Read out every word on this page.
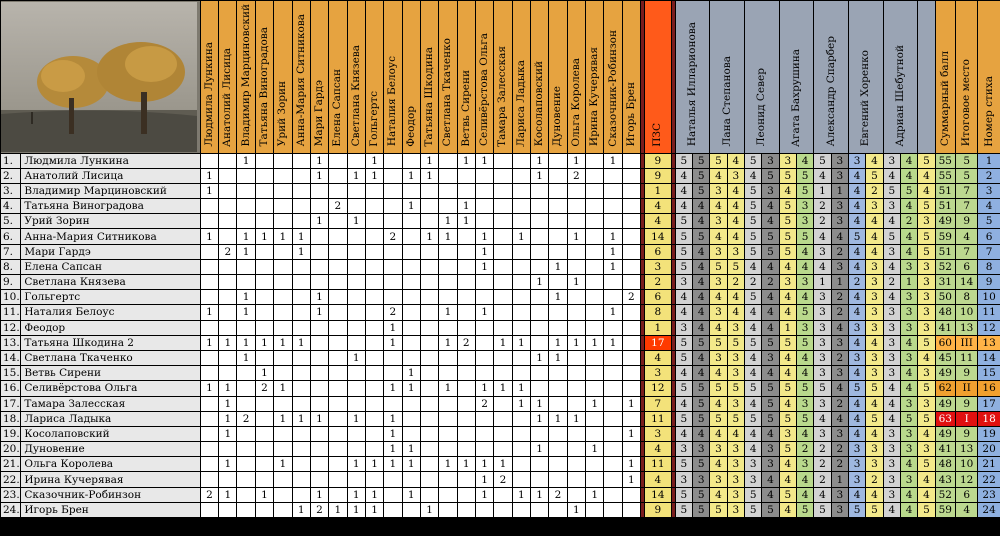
	Людмила Лункина	Анатолий Лисица	Владимир Марциновский	Татьяна Виноградова	Урий Зорин	Анна-Мария Ситникова	Мари Гардэ	Елена Сапсан	Светлана Князева	Гольгертс	Наталия Белоус	Феодор	Татьяна Шкодина	Светлана Ткаченко	Ветвь Сирени	Селивёрстова Ольга	Тамара Залесская	Лариса Ладыка	Косолаповский	Дуновение	Ольга Королева	Ирина Кучерявая	Сказочник-Робинзон	Игорь Брен		ПЗС		Наталья Илларионова		Лана Степанова		Леонид Север		Агата Бахрушина		Александр Спарбер		Евгений Хоренко		Адриан Шебутной			Суммарный балл	Итоговое место	Номер стиха
1.	Людмила Лункина			1				1			1			1		1	1			1		1		1			9		5	5	5	4	5	3	3	4	5	3	3	4	3	4	5	55	5	1
2.	Анатолий Лисица	1						1		1	1		1	1						1		2					9		4	5	4	3	4	5	5	5	4	3	4	5	4	4	4	55	5	2
3.	Владимир Марциновский	1																									1		4	5	3	4	5	3	4	5	1	1	4	2	5	5	4	51	7	3
4.	Татьяна Виноградова								2				1			1											4		4	4	4	4	5	4	5	3	2	3	4	3	3	4	5	51	7	4
5.	Урий Зорин							1		1					1	1											4		5	4	3	4	5	4	5	3	2	3	4	4	4	2	3	49	9	5
6.	Анна-Мария Ситникова	1		1	1	1	1					2		1	1		1		1			1		1			14		5	5	4	4	5	5	5	5	4	4	5	4	5	4	5	59	4	6
7.	Мари Гардэ		2	1			1										1							1			6		5	4	3	3	5	5	5	4	3	2	4	4	3	4	5	51	7	7
8.	Елена Сапсан																1				1			1			3		5	4	5	5	4	4	4	4	4	3	4	3	4	3	3	52	6	8
9.	Светлана Князева																			1		1					2		3	4	3	2	2	2	3	3	1	1	2	3	2	1	3	31	14	9
10.	Гольгертс			1				1													1				2		6		4	4	4	4	5	4	4	4	3	2	4	3	4	3	3	50	8	10
11.	Наталия Белоус	1		1				1				2			1		1							1			8		4	4	3	4	4	4	4	5	3	2	4	3	3	3	3	48	10	11
12.	Феодор											1															1		3	4	4	3	4	4	1	3	3	4	3	3	3	3	3	41	13	12
13.	Татьяна Шкодина 2	1	1	1	1	1	1					1			1	2		1	1		1	1	1	1			17		5	5	5	5	5	5	5	5	3	3	4	4	3	4	5	60	III	13
14.	Светлана Ткаченко			1						1										1	1						4		5	4	3	3	4	3	4	4	3	2	3	3	3	3	4	45	11	14
15.	Ветвь Сирени				1								1														3		4	4	4	3	4	4	4	4	3	3	4	3	3	4	3	49	9	15
16.	Селивёрстова Ольга	1	1		2	1						1	1		1		1	1	1								12		5	5	5	5	5	5	5	5	5	4	5	5	4	4	5	62	II	16
17.	Тамара Залесская		1														2		1	1			1		1		7		4	5	4	3	4	5	4	3	3	2	4	4	4	3	3	49	9	17
18.	Лариса Ладыка		1	2		1	1	1		1		1								1	1	1					11		5	5	5	5	5	5	5	5	4	4	4	5	4	5	5	63	I	18
19.	Косолаповский		1									1													1		3		4	4	4	4	4	4	3	4	3	3	4	4	3	3	4	49	9	19
20.	Дуновение											1	1							1			1				4		3	3	3	3	4	3	5	2	2	2	3	3	3	3	3	41	13	20
21.	Ольга Королева		1			1				1	1	1	1		1	1	1	1							1		11		5	5	4	3	3	3	4	3	2	2	3	3	3	4	5	48	10	21
22.	Ирина Кучерявая																1	2							1		4		3	3	3	3	3	4	4	4	2	1	3	2	3	3	4	43	12	22
23.	Сказочник-Робинзон	2	1		1			1		1	1		1				1		1	1	2		1				14		5	5	4	3	5	4	5	4	4	3	4	4	3	4	4	52	6	23
24.	Игорь Брен						1	2	1	1	1			1								1					9		5	5	5	3	5	5	4	5	5	3	5	5	4	4	5	59	4	24
